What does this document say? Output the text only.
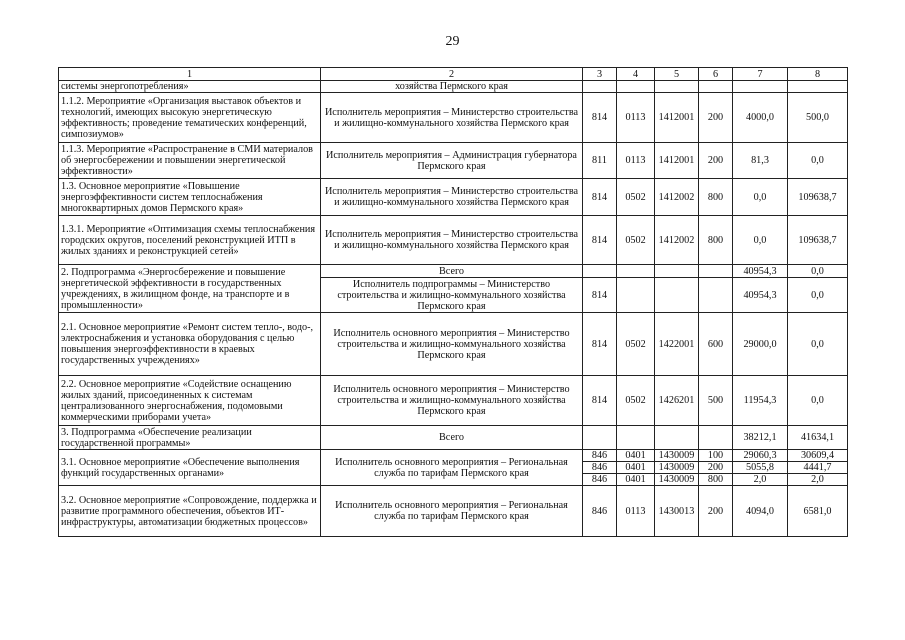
29
1	2	3	4	5	6	7	8
системы энергопотребления»	хозяйства Пермского края						
1.1.2. Мероприятие «Организация выставок объектов и технологий, имеющих высокую энергетическую эффективность; проведение тематических конференций, симпозиумов»	Исполнитель мероприятия – Министерство строительства и жилищно-коммунального хозяйства Пермского края	814	0113	1412001	200	4000,0	500,0
1.1.3. Мероприятие «Распространение в СМИ материалов об энергосбережении и повышении энергетической эффективности»	Исполнитель мероприятия – Администрация губернатора Пермского края	811	0113	1412001	200	81,3	0,0
1.3. Основное мероприятие «Повышение энергоэффективности систем теплоснабжения многоквартирных домов Пермского края»	Исполнитель мероприятия – Министерство строительства и жилищно-коммунального хозяйства Пермского края	814	0502	1412002	800	0,0	109638,7
1.3.1. Мероприятие «Оптимизация схемы теплоснабжения городских округов, поселений реконструкцией ИТП в жилых зданиях и реконструкцией сетей»	Исполнитель мероприятия – Министерство строительства и жилищно-коммунального хозяйства Пермского края	814	0502	1412002	800	0,0	109638,7
2. Подпрограмма «Энергосбережение и повышение энергетической эффективности в государственных учреждениях, в жилищном фонде, на транспорте и в промышленности»	Всего					40954,3	0,0
	Исполнитель подпрограммы – Министерство строительства и жилищно-коммунального хозяйства Пермского края	814				40954,3	0,0
2.1. Основное мероприятие «Ремонт систем тепло-, водо-, электроснабжения и установка оборудования с целью повышения энергоэффективности в краевых государственных учреждениях»	Исполнитель основного мероприятия – Министерство строительства и жилищно-коммунального хозяйства Пермского края	814	0502	1422001	600	29000,0	0,0
2.2. Основное мероприятие «Содействие оснащению жилых зданий, присоединенных к системам централизованного энергоснабжения, подомовыми коммерческими приборами учета»	Исполнитель основного мероприятия – Министерство строительства и жилищно-коммунального хозяйства Пермского края	814	0502	1426201	500	11954,3	0,0
3. Подпрограмма «Обеспечение реализации государственной программы»	Всего					38212,1	41634,1
3.1. Основное мероприятие «Обеспечение выполнения функций государственных органами»	Исполнитель основного мероприятия – Региональная служба по тарифам Пермского края	846	0401	1430009	100	29060,3	30609,4
		846	0401	1430009	200	5055,8	4441,7
		846	0401	1430009	800	2,0	2,0
3.2. Основное мероприятие «Сопровождение, поддержка и развитие программного обеспечения, объектов ИТ-инфраструктуры, автоматизации бюджетных процессов»	Исполнитель основного мероприятия – Региональная служба по тарифам Пермского края	846	0113	1430013	200	4094,0	6581,0
